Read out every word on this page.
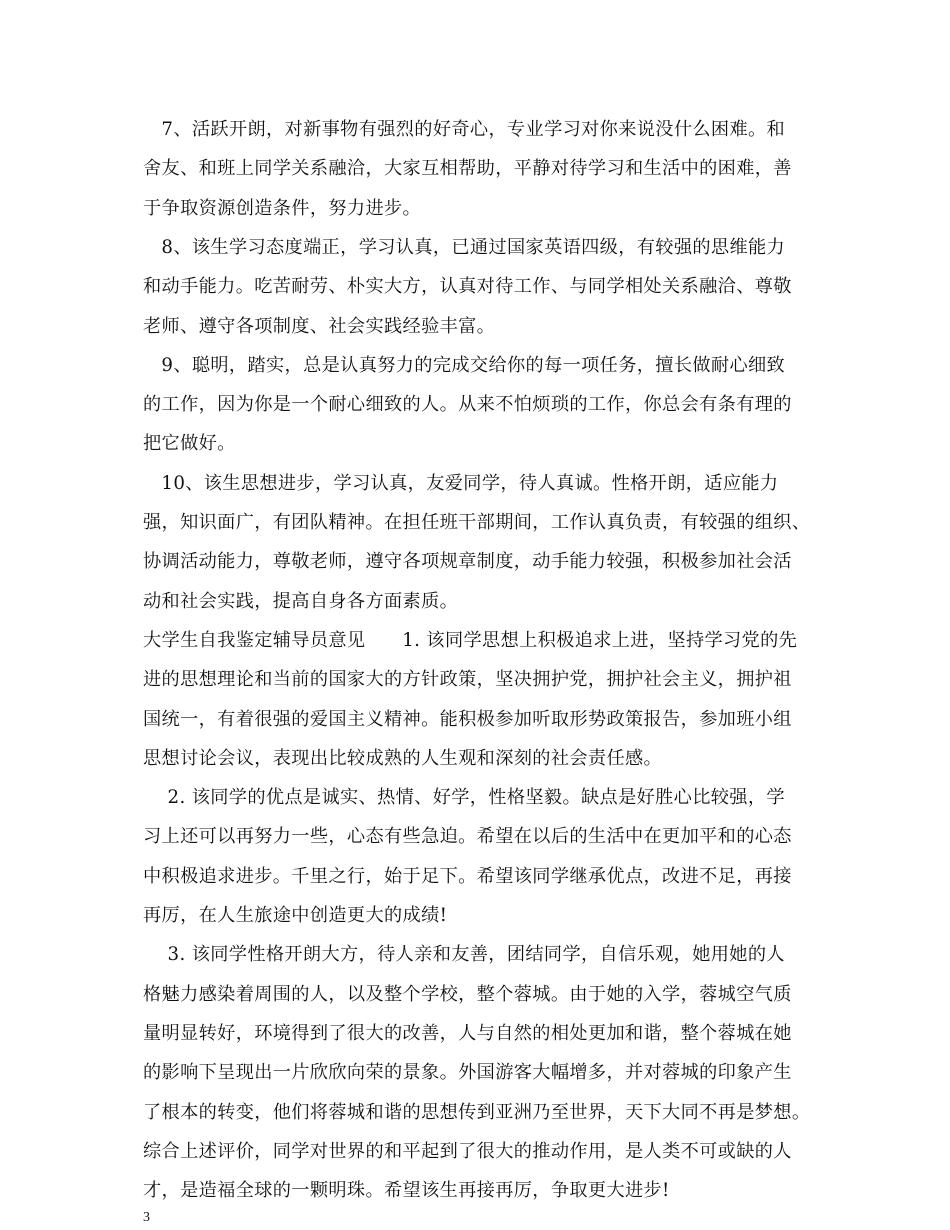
7、活跃开朗，对新事物有强烈的好奇心，专业学习对你来说没什么困难。和
舍友、和班上同学关系融洽，大家互相帮助，平静对待学习和生活中的困难，善
于争取资源创造条件，努力进步。
8、该生学习态度端正，学习认真，已通过国家英语四级，有较强的思维能力
和动手能力。吃苦耐劳、朴实大方，认真对待工作、与同学相处关系融洽、尊敬
老师、遵守各项制度、社会实践经验丰富。
9、聪明，踏实，总是认真努力的完成交给你的每一项任务，擅长做耐心细致
的工作，因为你是一个耐心细致的人。从来不怕烦琐的工作，你总会有条有理的
把它做好。
10、该生思想进步，学习认真，友爱同学，待人真诚。性格开朗，适应能力
强，知识面广，有团队精神。在担任班干部期间，工作认真负责，有较强的组织、
协调活动能力，尊敬老师，遵守各项规章制度，动手能力较强，积极参加社会活
动和社会实践，提高自身各方面素质。
大学生自我鉴定辅导员意见      1. 该同学思想上积极追求上进，坚持学习党的先
进的思想理论和当前的国家大的方针政策，坚决拥护党，拥护社会主义，拥护祖
国统一，有着很强的爱国主义精神。能积极参加听取形势政策报告，参加班小组
思想讨论会议，表现出比较成熟的人生观和深刻的社会责任感。
2. 该同学的优点是诚实、热情、好学，性格坚毅。缺点是好胜心比较强，学
习上还可以再努力一些，心态有些急迫。希望在以后的生活中在更加平和的心态
中积极追求进步。千里之行，始于足下。希望该同学继承优点，改进不足，再接
再厉，在人生旅途中创造更大的成绩!
3. 该同学性格开朗大方，待人亲和友善，团结同学，自信乐观，她用她的人
格魅力感染着周围的人，以及整个学校，整个蓉城。由于她的入学，蓉城空气质
量明显转好，环境得到了很大的改善，人与自然的相处更加和谐，整个蓉城在她
的影响下呈现出一片欣欣向荣的景象。外国游客大幅增多，并对蓉城的印象产生
了根本的转变，他们将蓉城和谐的思想传到亚洲乃至世界，天下大同不再是梦想。
综合上述评价，同学对世界的和平起到了很大的推动作用，是人类不可或缺的人
才，是造福全球的一颗明珠。希望该生再接再厉，争取更大进步!
3
